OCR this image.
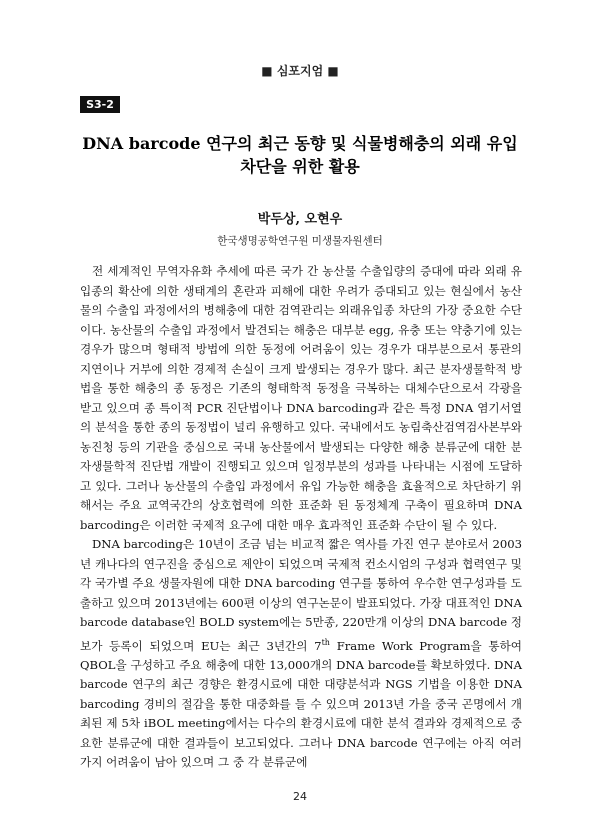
■ 심포지엄 ■
S3-2
DNA barcode 연구의 최근 동향 및 식물병해충의 외래 유입
차단을 위한 활용
박두상, 오현우
한국생명공학연구원 미생물자원센터

전 세계적인 무역자유화 추세에 따른 국가 간 농산물 수출입량의 증대에 따라 외래 유입종의 확산에 의한 생태계의 혼란과 피해에 대한 우려가 증대되고 있는 현실에서 농산물의 수출입 과정에서의 병해충에 대한 검역관리는 외래유입종 차단의 가장 중요한 수단이다. 농산물의 수출입 과정에서 발견되는 해충은 대부분 egg, 유충 또는 약충기에 있는 경우가 많으며 형태적 방법에 의한 동정에 어려움이 있는 경우가 대부분으로서 통관의 지연이나 거부에 의한 경제적 손실이 크게 발생되는 경우가 많다. 최근 분자생물학적 방법을 통한 해충의 종 동정은 기존의 형태학적 동정을 극복하는 대체수단으로서 각광을 받고 있으며 종 특이적 PCR 진단법이나 DNA barcoding과 같은 특정 DNA 염기서열의 분석을 통한 종의 동정법이 널리 유행하고 있다. 국내에서도 농림축산검역검사본부와 농진청 등의 기관을 중심으로 국내 농산물에서 발생되는 다양한 해충 분류군에 대한 분자생물학적 진단법 개발이 진행되고 있으며 일정부분의 성과를 나타내는 시점에 도달하고 있다. 그러나 농산물의 수출입 과정에서 유입 가능한 해충을 효율적으로 차단하기 위해서는 주요 교역국간의 상호협력에 의한 표준화 된 동정체계 구축이 필요하며 DNA barcoding은 이러한 국제적 요구에 대한 매우 효과적인 표준화 수단이 될 수 있다.

DNA barcoding은 10년이 조금 넘는 비교적 짧은 역사를 가진 연구 분야로서 2003년 캐나다의 연구진을 중심으로 제안이 되었으며 국제적 컨소시엄의 구성과 협력연구 및 각 국가별 주요 생물자원에 대한 DNA barcoding 연구를 통하여 우수한 연구성과를 도출하고 있으며 2013년에는 600편 이상의 연구논문이 발표되었다. 가장 대표적인 DNA barcode database인 BOLD system에는 5만종, 220만개 이상의 DNA barcode 정보가 등록이 되었으며 EU는 최근 3년간의 7th Frame Work Program을 통하여 QBOL을 구성하고 주요 해충에 대한 13,000개의 DNA barcode를 확보하였다. DNA barcode 연구의 최근 경향은 환경시료에 대한 대량분석과 NGS 기법을 이용한 DNA barcoding 경비의 절감을 통한 대중화를 들 수 있으며 2013년 가을 중국 곤명에서 개최된 제 5차 iBOL meeting에서는 다수의 환경시료에 대한 분석 결과와 경제적으로 중요한 분류군에 대한 결과들이 보고되었다. 그러나 DNA barcode 연구에는 아직 여러 가지 어려움이 남아 있으며 그 중 각 분류군에

24
